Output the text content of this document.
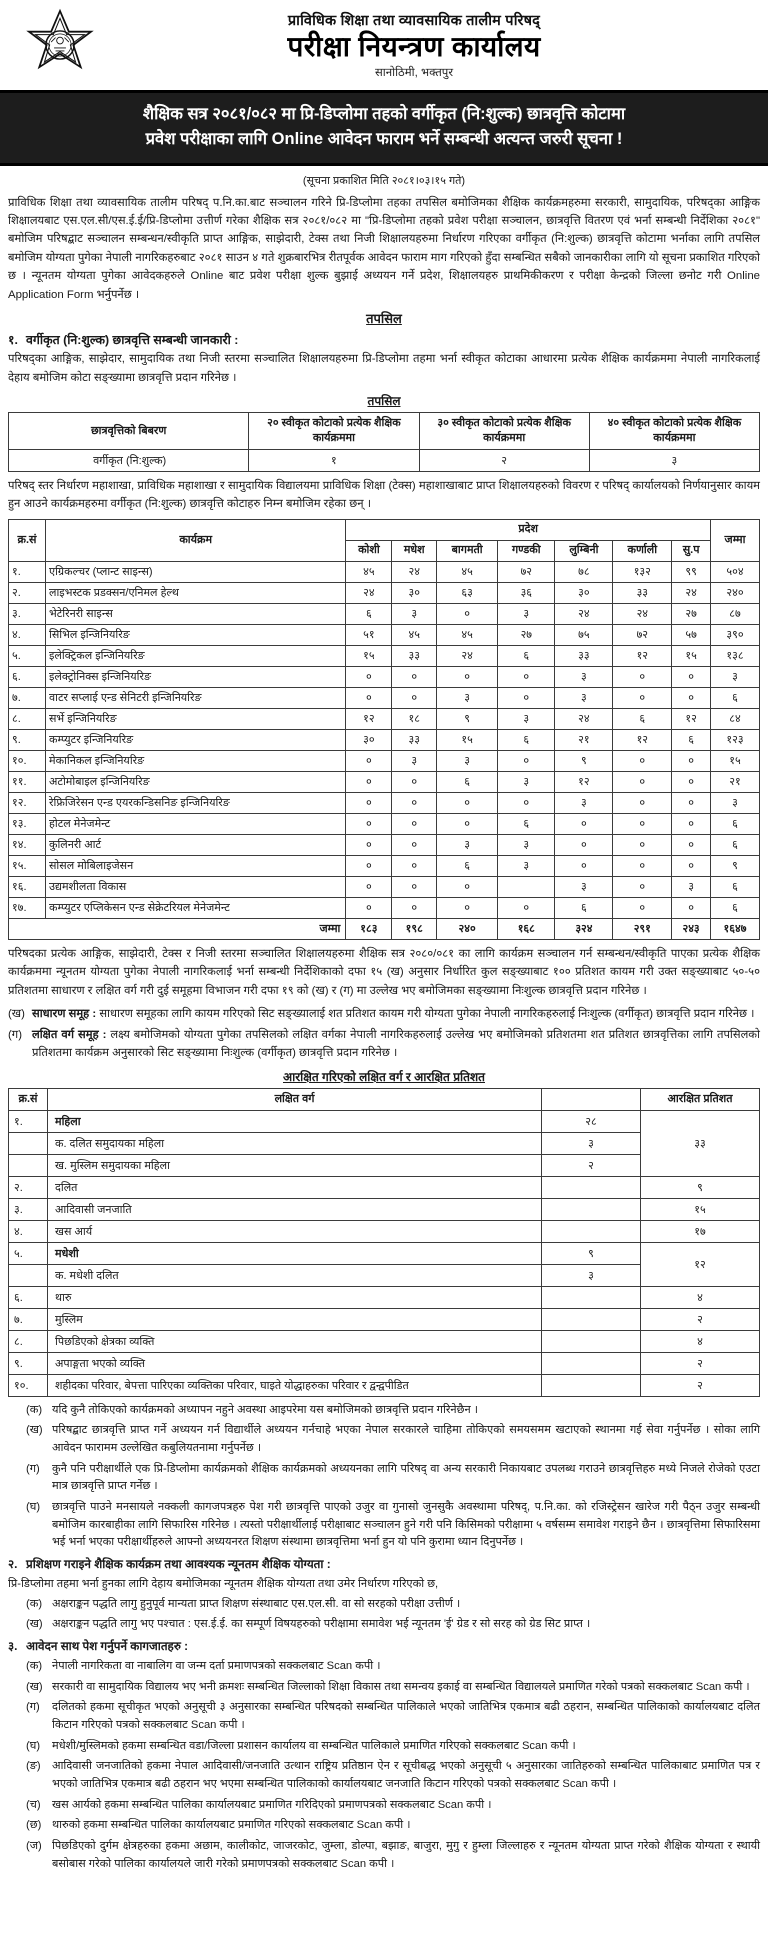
प्राविधिक शिक्षा तथा व्यावसायिक तालीम परिषद्
परीक्षा नियन्त्रण कार्यालय
सानोठिमी, भक्तपुर
शैक्षिक सत्र २०८१/०८२ मा प्रि-डिप्लोमा तहको वर्गीकृत (नि:शुल्क) छात्रवृत्ति कोटामा
प्रवेश परीक्षाका लागि Online आवेदन फाराम भर्ने सम्बन्धी अत्यन्त जरुरी सूचना !
(सूचना प्रकाशित मिति २०८१।०३।१५ गते)
प्राविधिक शिक्षा तथा व्यावसायिक तालीम परिषद् प.नि.का.बाट सञ्चालन गरिने प्रि-डिप्लोमा तहका तपसिल बमोजिमका शैक्षिक कार्यक्रमहरुमा सरकारी, सामुदायिक, परिषद्का आङ्गिक शिक्षालयबाट एस.एल.सी/एस.ई.ई/प्रि-डिप्लोमा उत्तीर्ण गरेका शैक्षिक सत्र २०८१/०८२ मा "प्रि-डिप्लोमा तहको प्रवेश परीक्षा सञ्चालन, छात्रवृत्ति वितरण एवं भर्ना सम्बन्धी निर्देशिका २०८१" बमोजिम परिषद्बाट सञ्चालन सम्बन्धन/स्वीकृति प्राप्त आङ्गिक, साझेदारी, टेक्स तथा निजी शिक्षालयहरुमा निर्धारण गरिएका वर्गीकृत (नि:शुल्क) छात्रवृत्ति कोटामा भर्नाका लागि तपसिल बमोजिम योग्यता पुगेका नेपाली नागरिकहरुबाट २०८१ साउन ४ गते शुक्रबारभित्र रीतपूर्वक आवेदन फाराम माग गरिएको हुँदा सम्बन्धित सबैको जानकारीका लागि यो सूचना प्रकाशित गरिएको छ । न्यूनतम योग्यता पुगेका आवेदकहरुले Online बाट प्रवेश परीक्षा शुल्क बुझाई अध्ययन गर्ने प्रदेश, शिक्षालयहरु प्राथमिकीकरण र परीक्षा केन्द्रको जिल्ला छनोट गरी Online Application Form भर्नुपर्नेछ ।
तपसिल
१. वर्गीकृत (नि:शुल्क) छात्रवृत्ति सम्बन्धी जानकारी :
परिषद्का आङ्गिक, साझेदार, सामुदायिक तथा निजी स्तरमा सञ्चालित शिक्षालयहरुमा प्रि-डिप्लोमा तहमा भर्ना स्वीकृत कोटाका आधारमा प्रत्येक शैक्षिक कार्यक्रममा नेपाली नागरिकलाई देहाय बमोजिम कोटा सङ्ख्यामा छात्रवृत्ति प्रदान गरिनेछ ।
तपसिल
छात्रवृत्तिको बिबरण	२० स्वीकृत कोटाको प्रत्येक शैक्षिक कार्यक्रममा	३० स्वीकृत कोटाको प्रत्येक शैक्षिक कार्यक्रममा	४० स्वीकृत कोटाको प्रत्येक शैक्षिक कार्यक्रममा
वर्गीकृत (नि:शुल्क)	१	२	३
परिषद् स्तर निर्धारण महाशाखा, प्राविधिक महाशाखा र सामुदायिक विद्यालयमा प्राविधिक शिक्षा (टेक्स) महाशाखाबाट प्राप्त शिक्षालयहरुको विवरण र परिषद् कार्यालयको निर्णयानुसार कायम हुन आउने कार्यक्रमहरुमा वर्गीकृत (नि:शुल्क) छात्रवृत्ति कोटाहरु निम्न बमोजिम रहेका छन् ।
क्र.सं	कार्यक्रम	प्रदेश							जम्मा
		कोशी	मधेश	बागमती	गण्डकी	लुम्बिनी	कर्णाली	सु.प	
१.	एग्रिकल्चर (प्लान्ट साइन्स)	४५	२४	४५	७२	७८	१३२	९९	५०४
२.	लाइभस्टक प्रडक्सन/एनिमल हेल्थ	२४	३०	६३	३६	३०	३३	२४	२४०
३.	भेटेरिनरी साइन्स	६	३	०	३	२४	२४	२७	८७
४.	सिभिल इन्जिनियरिङ	५१	४५	४५	२७	७५	७२	५७	३९०
५.	इलेक्ट्रिकल इन्जिनियरिङ	१५	३३	२४	६	३३	१२	१५	१३८
६.	इलेक्ट्रोनिक्स इन्जिनियरिङ	०	०	०	०	३	०	०	३
७.	वाटर सप्लाई एन्ड सेनिटरी इन्जिनियरिङ	०	०	३	०	३	०	०	६
८.	सर्भे इन्जिनियरिङ	१२	१८	९	३	२४	६	१२	८४
९.	कम्प्युटर इन्जिनियरिङ	३०	३३	१५	६	२१	१२	६	१२३
१०.	मेकानिकल इन्जिनियरिङ	०	३	३	०	९	०	०	१५
११.	अटोमोबाइल इन्जिनियरिङ	०	०	६	३	१२	०	०	२१
१२.	रेफ्रिजिरेसन एन्ड एयरकन्डिसनिङ इन्जिनियरिङ	०	०	०	०	३	०	०	३
१३.	होटल मेनेजमेन्ट	०	०	०	६	०	०	०	६
१४.	कुलिनरी आर्ट	०	०	३	३	०	०	०	६
१५.	सोसल मोबिलाइजेसन	०	०	६	३	०	०	०	९
१६.	उद्यमशीलता विकास	०	०	०		३	०	३	६
१७.	कम्प्युटर एप्लिकेसन एन्ड सेक्रेटरियल मेनेजमेन्ट	०	०	०	०	६	०	०	६
जम्मा		१८३	१९८	२४०	१६८	३२४	२९१	२४३	१६४७
परिषदका प्रत्येक आङ्गिक, साझेदारी, टेक्स र निजी स्तरमा सञ्चालित शिक्षालयहरुमा शैक्षिक सत्र २०८०/०८१ का लागि कार्यक्रम सञ्चालन गर्न सम्बन्धन/स्वीकृति पाएका प्रत्येक शैक्षिक कार्यक्रममा न्यूनतम योग्यता पुगेका नेपाली नागरिकलाई भर्ना सम्बन्धी निर्देशिकाको दफा १५ (ख) अनुसार निर्धारित कुल सङ्ख्याबाट १०० प्रतिशत कायम गरी उक्त सङ्ख्याबाट ५०-५० प्रतिशतमा साधारण र लक्षित वर्ग गरी दुई समूहमा विभाजन गरी दफा १९ को (ख) र (ग) मा उल्लेख भए बमोजिमका सङ्ख्यामा निःशुल्क छात्रवृत्ति प्रदान गरिनेछ ।
(ख) साधारण समूह : साधारण समूहका लागि कायम गरिएको सिट सङ्ख्यालाई शत प्रतिशत कायम गरी योग्यता पुगेका नेपाली नागरिकहरुलाई निःशुल्क (वर्गीकृत) छात्रवृत्ति प्रदान गरिनेछ ।
(ग) लक्षित वर्ग समूह : लक्ष्य बमोजिमको योग्यता पुगेका तपसिलको लक्षित वर्गका नेपाली नागरिकहरुलाई उल्लेख भए बमोजिमको प्रतिशतमा शत प्रतिशत छात्रवृत्तिका लागि तपसिलको प्रतिशतमा कार्यक्रम अनुसारको सिट सङ्ख्यामा निःशुल्क (वर्गीकृत) छात्रवृत्ति प्रदान गरिनेछ ।
आरक्षित गरिएको लक्षित वर्ग र आरक्षित प्रतिशत
क्र.सं	लक्षित वर्ग		आरक्षित प्रतिशत
१.	महिला	२८	३३
	क. दलित समुदायका महिला	३	
	ख. मुस्लिम समुदायका महिला	२	
२.	दलित		९
३.	आदिवासी जनजाति		१५
४.	खस आर्य		१७
५.	मधेशी	९	१२
	क. मधेशी दलित	३	
६.	थारु		४
७.	मुस्लिम		२
८.	पिछडिएको क्षेत्रका व्यक्ति		४
९.	अपाङ्गता भएको व्यक्ति		२
१०.	शहीदका परिवार, बेपत्ता पारिएका व्यक्तिका परिवार, घाइते योद्धाहरुका परिवार र द्वन्द्वपीडित		२
(क) यदि कुनै तोकिएको कार्यक्रमको अध्यापन नहुने अवस्था आइपरेमा यस बमोजिमको छात्रवृत्ति प्रदान गरिनेछैन ।
(ख) परिषद्बाट छात्रवृत्ति प्राप्त गर्ने अध्ययन गर्न विद्यार्थीले अध्ययन गर्नचाहे भएका नेपाल सरकारले चाहिमा तोकिएको समयसमम खटाएको स्थानमा गई सेवा गर्नुपर्नेछ । सोका लागि आवेदन फारामम उल्लेखित कबुलियतनामा गर्नुपर्नेछ ।
(ग)	कुनै पनि परीक्षार्थीले एक प्रि-डिप्लोमा कार्यक्रमको शैक्षिक कार्यक्रमको अध्ययनका लागि परिषद् वा अन्य सरकारी निकायबाट उपलब्ध गराउने छात्रवृत्तिहरु मध्ये निजले रोजेको एउटा मात्र छात्रवृत्ति प्राप्त गर्नेछ ।
(घ)	छात्रवृत्ति पाउने मनसायले नक्कली कागजपत्रहरु पेश गरी छात्रवृत्ति पाएको उजुर वा गुनासो जुनसुकै अवस्थामा परिषद्, प.नि.का. को रजिस्ट्रेसन खारेज गरी पैठ्न उजुर सम्बन्धी बमोजिम कारबाहीका लागि सिफारिस गरिनेछ । त्यस्तो परीक्षार्थीलाई परीक्षाबाट सञ्चालन हुने गरी पनि किसिमको परीक्षामा ५ वर्षसम्म समावेश गराइने छैन । छात्रवृत्तिमा सिफारिसमा भई भर्ना भएका परीक्षार्थीहरुले आफ्नो अध्ययनरत शिक्षण संस्थामा छात्रवृत्तिमा भर्ना हुन यो पनि कुरामा ध्यान दिनुपर्नेछ ।
२. प्रशिक्षण गराइने शैक्षिक कार्यक्रम तथा आवश्यक न्यूनतम शैक्षिक योग्यता :
प्रि-डिप्लोमा तहमा भर्ना हुनका लागि देहाय बमोजिमका न्यूनतम शैक्षिक योग्यता तथा उमेर निर्धारण गरिएको छ,
(क) अक्षराङ्कन पद्धति लागु हुनुपूर्व मान्यता प्राप्त शिक्षण संस्थाबाट एस.एल.सी. वा सो सरहको परीक्षा उत्तीर्ण ।
(ख) अक्षराङ्कन पद्धति लागु भए पश्चात : एस.ई.ई. का सम्पूर्ण विषयहरुको परीक्षामा समावेश भई न्यूनतम 'ई' ग्रेड र सो सरह को ग्रेड सिट प्राप्त ।
३. आवेदन साथ पेश गर्नुपर्ने कागजातहरु :
(क) नेपाली नागरिकता वा नाबालिग वा जन्म दर्ता प्रमाणपत्रको सक्कलबाट Scan कपी ।
(ख) सरकारी वा सामुदायिक विद्यालय भए भनी क्रमशः सम्बन्धित जिल्लाको शिक्षा विकास तथा समन्वय इकाई वा सम्बन्धित विद्यालयले प्रमाणित गरेको पत्रको सक्कलबाट Scan कपी ।
(ग)	दलितको हकमा सूचीकृत भएको अनुसूची ३ अनुसारका सम्बन्धित परिषदको सम्बन्धित पालिकाले भएको जातिभित्र एकमात्र बढी ठहरान, सम्बन्धित पालिकाको कार्यालयबाट दलित किटान गरिएको पत्रको सक्कलबाट Scan कपी ।
(घ)	मधेशी/मुस्लिमको हकमा सम्बन्धित वडा/जिल्ला प्रशासन कार्यालय वा सम्बन्धित पालिकाले प्रमाणित गरिएको सक्कलबाट Scan कपी ।
(ङ)	आदिवासी जनजातिको हकमा नेपाल आदिवासी/जनजाति उत्थान राष्ट्रिय प्रतिष्ठान ऐन र सूचीबद्ध भएको अनुसूची ५ अनुसारका जातिहरुको सम्बन्धित पालिकाबाट प्रमाणित पत्र र भएको जातिभित्र एकमात्र बढी ठहरान भए भएमा सम्बन्धित पालिकाको कार्यालयबाट जनजाति किटान गरिएको पत्रको सक्कलबाट Scan कपी ।
(च)	खस आर्यको हकमा सम्बन्धित पालिका कार्यालयबाट प्रमाणित गरिदिएको प्रमाणपत्रको सक्कलबाट Scan कपी ।
(छ) थारुको हकमा सम्बन्धित पालिका कार्यालयबाट प्रमाणित गरिएको सक्कलबाट Scan कपी ।
(ज) पिछडिएको दुर्गम क्षेत्रहरुका हकमा अछाम, कालीकोट, जाजरकोट, जुम्ला, डोल्पा, बझाङ, बाजुरा, मुगु र हुम्ला जिल्लाहरु र न्यूनतम योग्यता प्राप्त गरेको शैक्षिक योग्यता र स्थायी बसोबास गरेको पालिका कार्यालयले जारी गरेको प्रमाणपत्रको सक्कलबाट Scan कपी ।
